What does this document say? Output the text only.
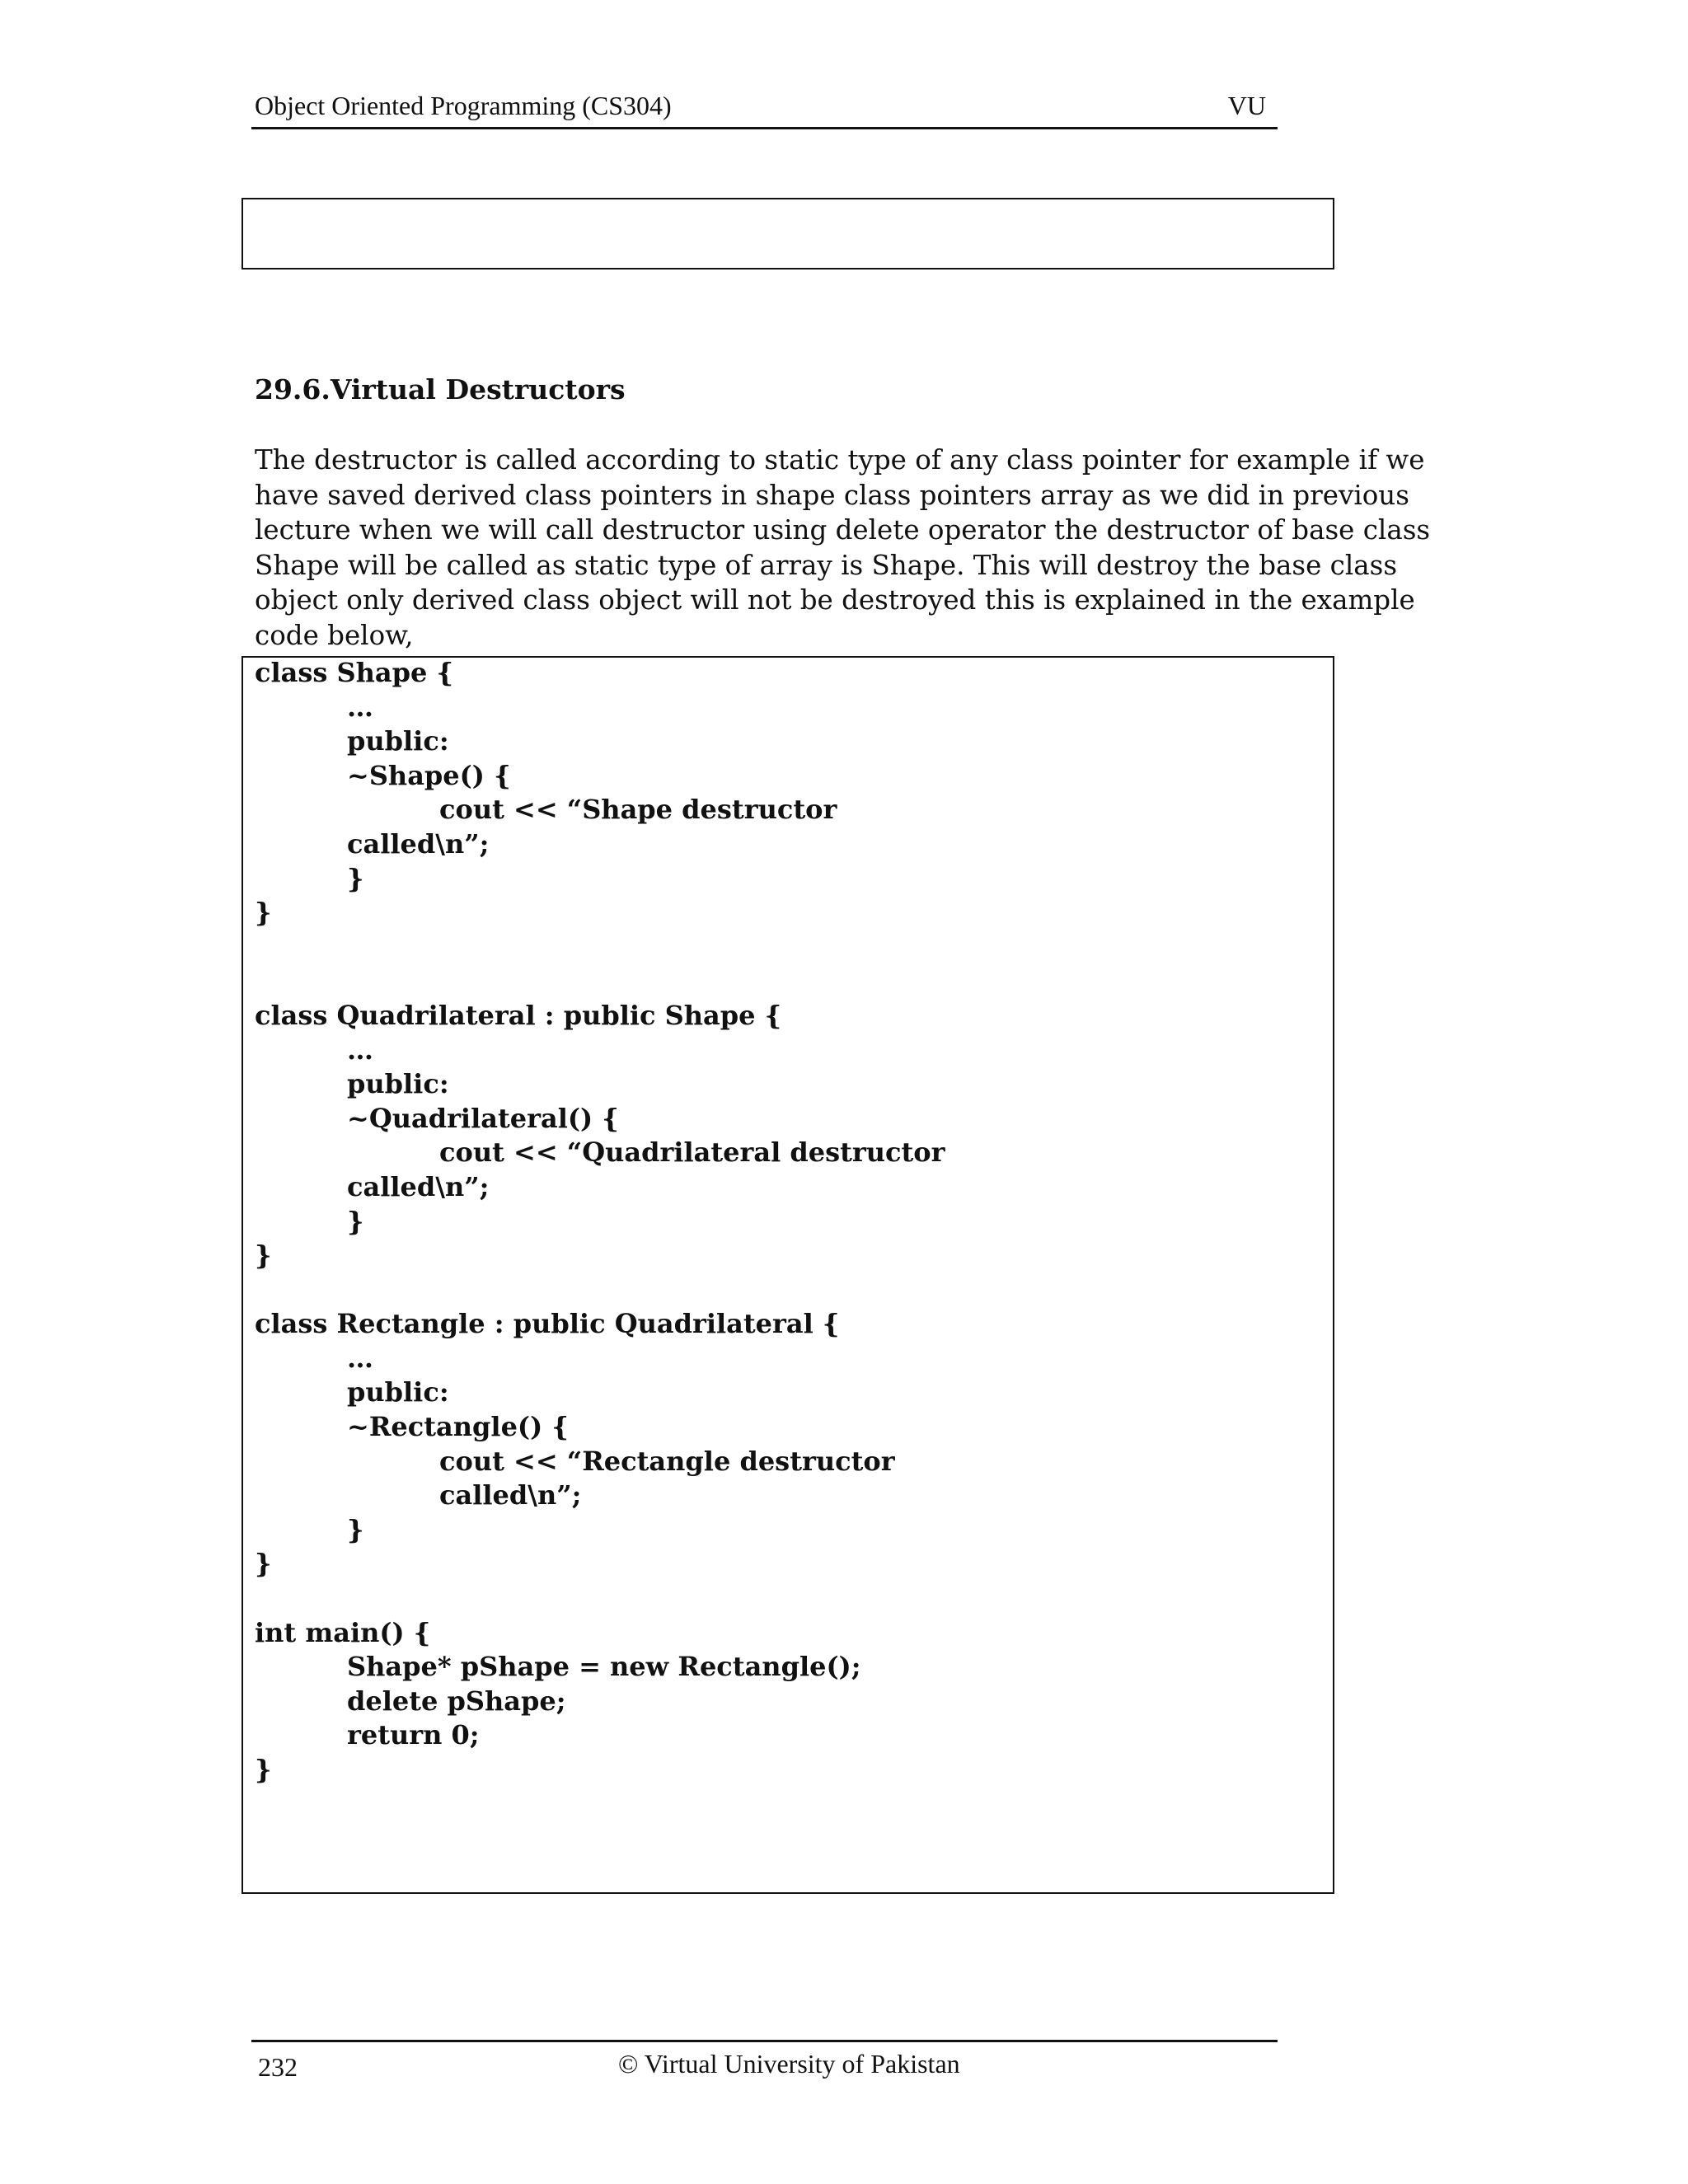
Object Oriented Programming (CS304)	VU
29.6.Virtual Destructors
The destructor is called according to static type of any class pointer for example if we
have saved derived class pointers in shape class pointers array as we did in previous
lecture when we will call destructor using delete operator the destructor of base class
Shape will be called as static type of array is Shape. This will destroy the base class
object only derived class object will not be destroyed this is explained in the example
code below,
class Shape {
…
public:
~Shape() {
cout << “Shape destructor
called\n”;
}
}
class Quadrilateral : public Shape {
…
public:
~Quadrilateral() {
cout << “Quadrilateral destructor
called\n”;
}
}
class Rectangle : public Quadrilateral {
…
public:
~Rectangle() {
cout << “Rectangle destructor
called\n”;
}
}
int main() {
Shape* pShape = new Rectangle();
delete pShape;
return 0;
}
232	© Virtual University of Pakistan
